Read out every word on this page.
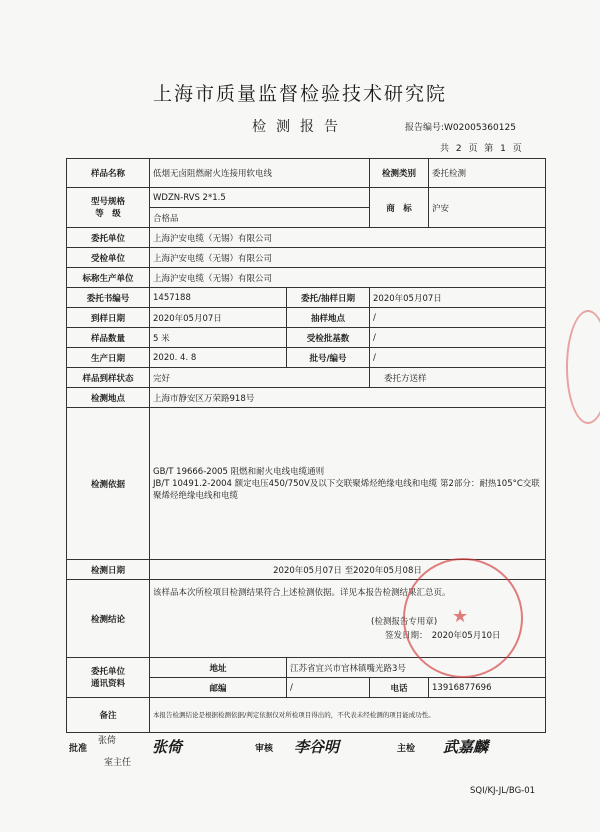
上海市质量监督检验技术研究院
检测报告	报告编号:W02005360125
共 2 页 第 1 页
样品名称	低烟无卤阻燃耐火连接用软电线		检测类别	委托检测

型号规格
等　级	WDZN-RVS 2*1.5		商　标	沪安
	合格品			
委托单位	上海沪安电缆（无锡）有限公司			
受检单位	上海沪安电缆（无锡）有限公司			
标称生产单位	上海沪安电缆（无锡）有限公司			
委托书编号	1457188	委托/抽样日期	2020年05月07日	
到样日期	2020年05月07日	抽样地点	/	
样品数量	5 米	受检批基数	/	
生产日期	2020. 4. 8	批号/编号	/	
样品到样状态	完好		委托方送样	
检测地点	上海市静安区万荣路918号			
检测依据	GB/T 19666-2005 阻燃和耐火电线电缆通则
JB/T 10491.2-2004 额定电压450/750V及以下交联聚烯烃绝缘电线和电缆 第2部分：耐热105°C交联聚烯烃绝缘电线和电缆			

检测日期	2020年05月07日 至2020年05月08日			
检测结论	该样品本次所检项目检测结果符合上述检测依据。详见本报告检测结果汇总页。
(检测报告专用章)
签发日期：　2020年05月10日			

委托单位
通讯资料	地址	江苏省宜兴市官林镇嘴光路3号		
	邮编	/	电话	13916877696
备注	本报告检测结论是根据检测依据/判定依据仅对所检项目得出的，不代表未经检测的项目能成功性。			
★
批准
张倚
室主任
张倚	审核 李谷明	主检 武嘉麟
SQI/KJ-JL/BG-01
